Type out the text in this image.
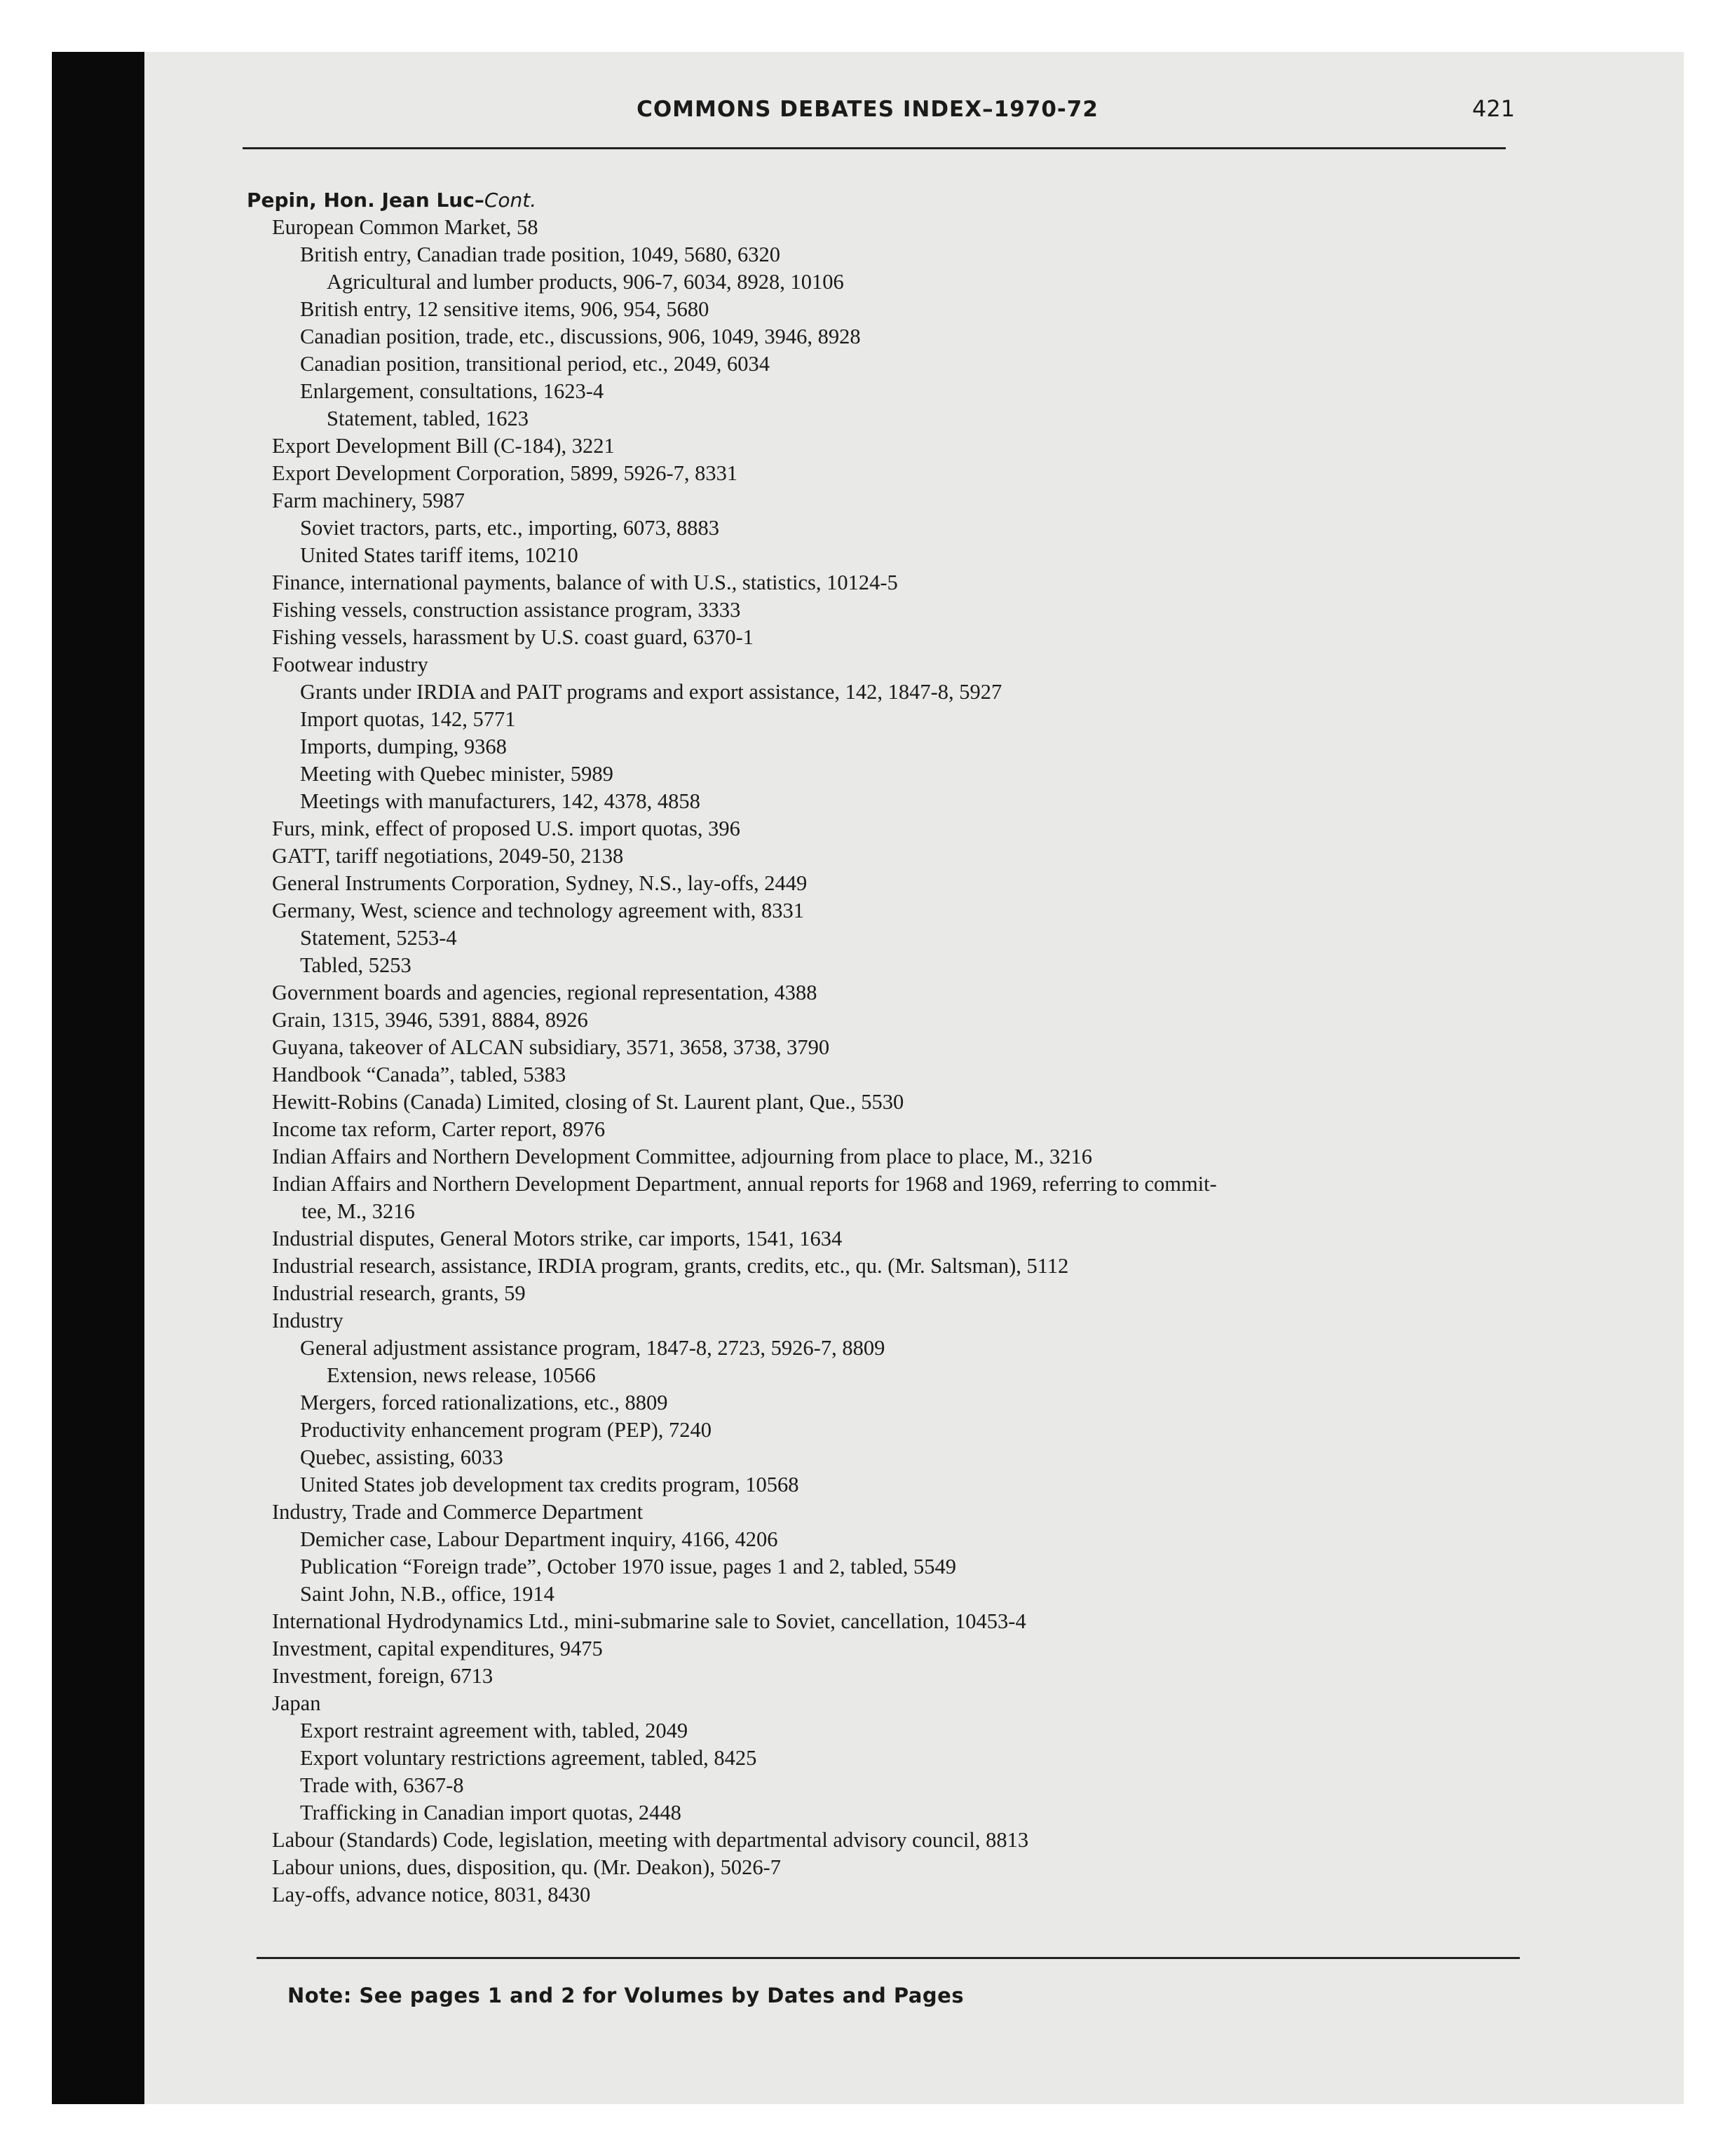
COMMONS DEBATES INDEX–1970-72	421
Pepin, Hon. Jean Luc–Cont.
European Common Market, 58
British entry, Canadian trade position, 1049, 5680, 6320
Agricultural and lumber products, 906-7, 6034, 8928, 10106
British entry, 12 sensitive items, 906, 954, 5680
Canadian position, trade, etc., discussions, 906, 1049, 3946, 8928
Canadian position, transitional period, etc., 2049, 6034
Enlargement, consultations, 1623-4
Statement, tabled, 1623
Export Development Bill (C-184), 3221
Export Development Corporation, 5899, 5926-7, 8331
Farm machinery, 5987
Soviet tractors, parts, etc., importing, 6073, 8883
United States tariff items, 10210
Finance, international payments, balance of with U.S., statistics, 10124-5
Fishing vessels, construction assistance program, 3333
Fishing vessels, harassment by U.S. coast guard, 6370-1
Footwear industry
Grants under IRDIA and PAIT programs and export assistance, 142, 1847-8, 5927
Import quotas, 142, 5771
Imports, dumping, 9368
Meeting with Quebec minister, 5989
Meetings with manufacturers, 142, 4378, 4858
Furs, mink, effect of proposed U.S. import quotas, 396
GATT, tariff negotiations, 2049-50, 2138
General Instruments Corporation, Sydney, N.S., lay-offs, 2449
Germany, West, science and technology agreement with, 8331
Statement, 5253-4
Tabled, 5253
Government boards and agencies, regional representation, 4388
Grain, 1315, 3946, 5391, 8884, 8926
Guyana, takeover of ALCAN subsidiary, 3571, 3658, 3738, 3790
Handbook “Canada”, tabled, 5383
Hewitt-Robins (Canada) Limited, closing of St. Laurent plant, Que., 5530
Income tax reform, Carter report, 8976
Indian Affairs and Northern Development Committee, adjourning from place to place, M., 3216
Indian Affairs and Northern Development Department, annual reports for 1968 and 1969, referring to commit-
tee, M., 3216
Industrial disputes, General Motors strike, car imports, 1541, 1634
Industrial research, assistance, IRDIA program, grants, credits, etc., qu. (Mr. Saltsman), 5112
Industrial research, grants, 59
Industry
General adjustment assistance program, 1847-8, 2723, 5926-7, 8809
Extension, news release, 10566
Mergers, forced rationalizations, etc., 8809
Productivity enhancement program (PEP), 7240
Quebec, assisting, 6033
United States job development tax credits program, 10568
Industry, Trade and Commerce Department
Demicher case, Labour Department inquiry, 4166, 4206
Publication “Foreign trade”, October 1970 issue, pages 1 and 2, tabled, 5549
Saint John, N.B., office, 1914
International Hydrodynamics Ltd., mini-submarine sale to Soviet, cancellation, 10453-4
Investment, capital expenditures, 9475
Investment, foreign, 6713
Japan
Export restraint agreement with, tabled, 2049
Export voluntary restrictions agreement, tabled, 8425
Trade with, 6367-8
Trafficking in Canadian import quotas, 2448
Labour (Standards) Code, legislation, meeting with departmental advisory council, 8813
Labour unions, dues, disposition, qu. (Mr. Deakon), 5026-7
Lay-offs, advance notice, 8031, 8430
Note: See pages 1 and 2 for Volumes by Dates and Pages
